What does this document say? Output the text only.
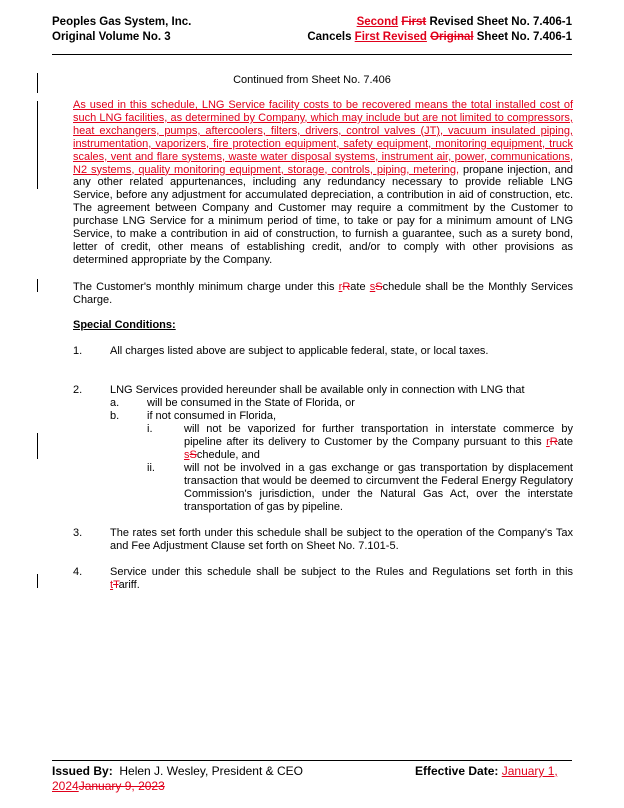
Peoples Gas System, Inc.
Original Volume No. 3
Second First Revised Sheet No. 7.406-1
Cancels First Revised Original Sheet No. 7.406-1
Continued from Sheet No. 7.406
As used in this schedule, LNG Service facility costs to be recovered means the total installed cost of such LNG facilities, as determined by Company, which may include but are not limited to compressors, heat exchangers, pumps, aftercoolers, filters, drivers, control valves (JT), vacuum insulated piping, instrumentation, vaporizers, fire protection equipment, safety equipment, monitoring equipment, truck scales, vent and flare systems, waste water disposal systems, instrument air, power, communications, N2 systems, quality monitoring equipment, storage, controls, piping, metering, propane injection, and any other related appurtenances, including any redundancy necessary to provide reliable LNG Service, before any adjustment for accumulated depreciation, a contribution in aid of construction, etc. The agreement between Company and Customer may require a commitment by the Customer to purchase LNG Service for a minimum period of time, to take or pay for a minimum amount of LNG Service, to make a contribution in aid of construction, to furnish a guarantee, such as a surety bond, letter of credit, other means of establishing credit, and/or to comply with other provisions as determined appropriate by the Company.
The Customer's monthly minimum charge under this rRate sSchedule shall be the Monthly Services Charge.
Special Conditions:
1.	All charges listed above are subject to applicable federal, state, or local taxes.
2.	LNG Services provided hereunder shall be available only in connection with LNG that
a.	will be consumed in the State of Florida, or
b.	if not consumed in Florida,
i.	will not be vaporized for further transportation in interstate commerce by pipeline after its delivery to Customer by the Company pursuant to this rRate sSchedule, and
ii.	will not be involved in a gas exchange or gas transportation by displacement transaction that would be deemed to circumvent the Federal Energy Regulatory Commission's jurisdiction, under the Natural Gas Act, over the interstate transportation of gas by pipeline.
3.	The rates set forth under this schedule shall be subject to the operation of the Company's Tax and Fee Adjustment Clause set forth on Sheet No. 7.101-5.
4.	Service under this schedule shall be subject to the Rules and Regulations set forth in this tTariff.
Issued By: Helen J. Wesley, President & CEO	Effective Date: January 1,
2024January 9, 2023
